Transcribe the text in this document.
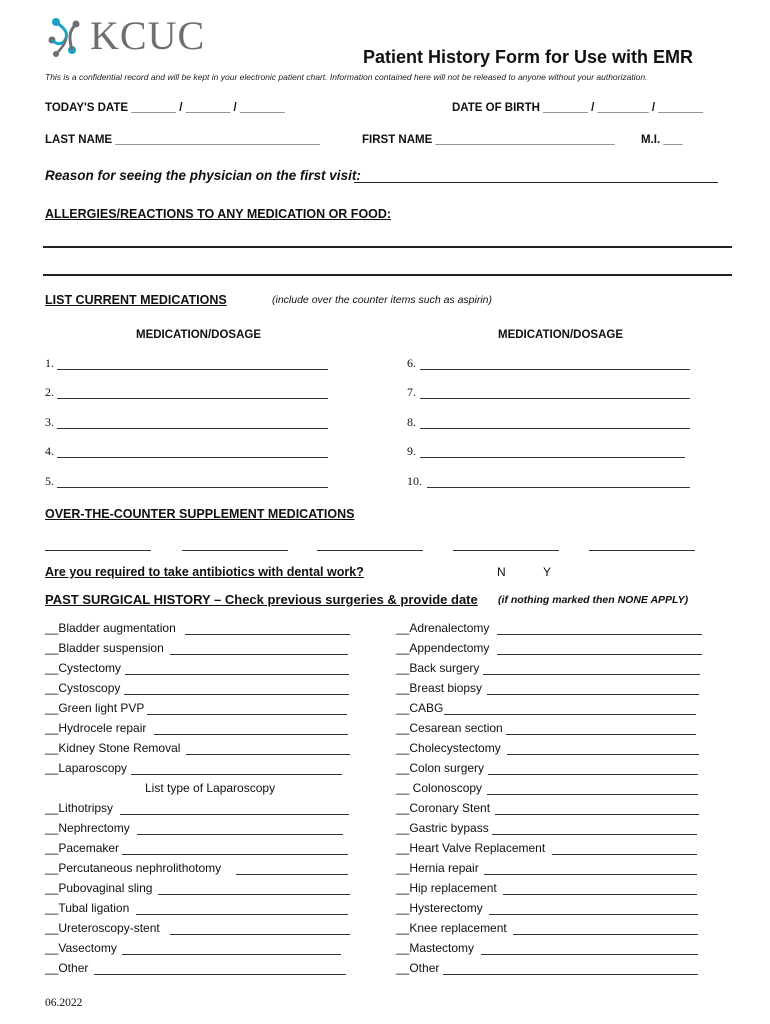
KCUC	Patient History Form for Use with EMR
This is a confidential record and will be kept in your electronic patient chart. Information contained here will not be released to anyone without your authorization.
TODAY'S DATE _______ / _______ / _______	DATE OF BIRTH _______ / ________ / _______
LAST NAME ________________________________	FIRST NAME ____________________________ M.I. ___
Reason for seeing the physician on the first visit:
ALLERGIES/REACTIONS TO ANY MEDICATION OR FOOD:
LIST CURRENT MEDICATIONS	(include over the counter items such as aspirin)
MEDICATION/DOSAGE	MEDICATION/DOSAGE
1.
2.
3.
4.
5.
6.
7.
8.
9.
10.
OVER-THE-COUNTER SUPPLEMENT MEDICATIONS
Are you required to take antibiotics with dental work?	N	Y
PAST SURGICAL HISTORY – Check previous surgeries & provide date (if nothing marked then NONE APPLY)
__Bladder augmentation
__Bladder suspension
__Cystectomy
__Cystoscopy
__Green light PVP
__Hydrocele repair
__Kidney Stone Removal
__Laparoscopy
List type of Laparoscopy
__Lithotripsy
__Nephrectomy
__Pacemaker
__Percutaneous nephrolithotomy
__Pubovaginal sling
__Tubal ligation
__Ureteroscopy-stent
__Vasectomy
__Other
__Adrenalectomy
__Appendectomy
__Back surgery
__Breast biopsy
__CABG
__Cesarean section
__Cholecystectomy
__Colon surgery
__ Colonoscopy
__Coronary Stent
__Gastric bypass
__Heart Valve Replacement
__Hernia repair
__Hip replacement
__Hysterectomy
__Knee replacement
__Mastectomy
__Other
06.2022
